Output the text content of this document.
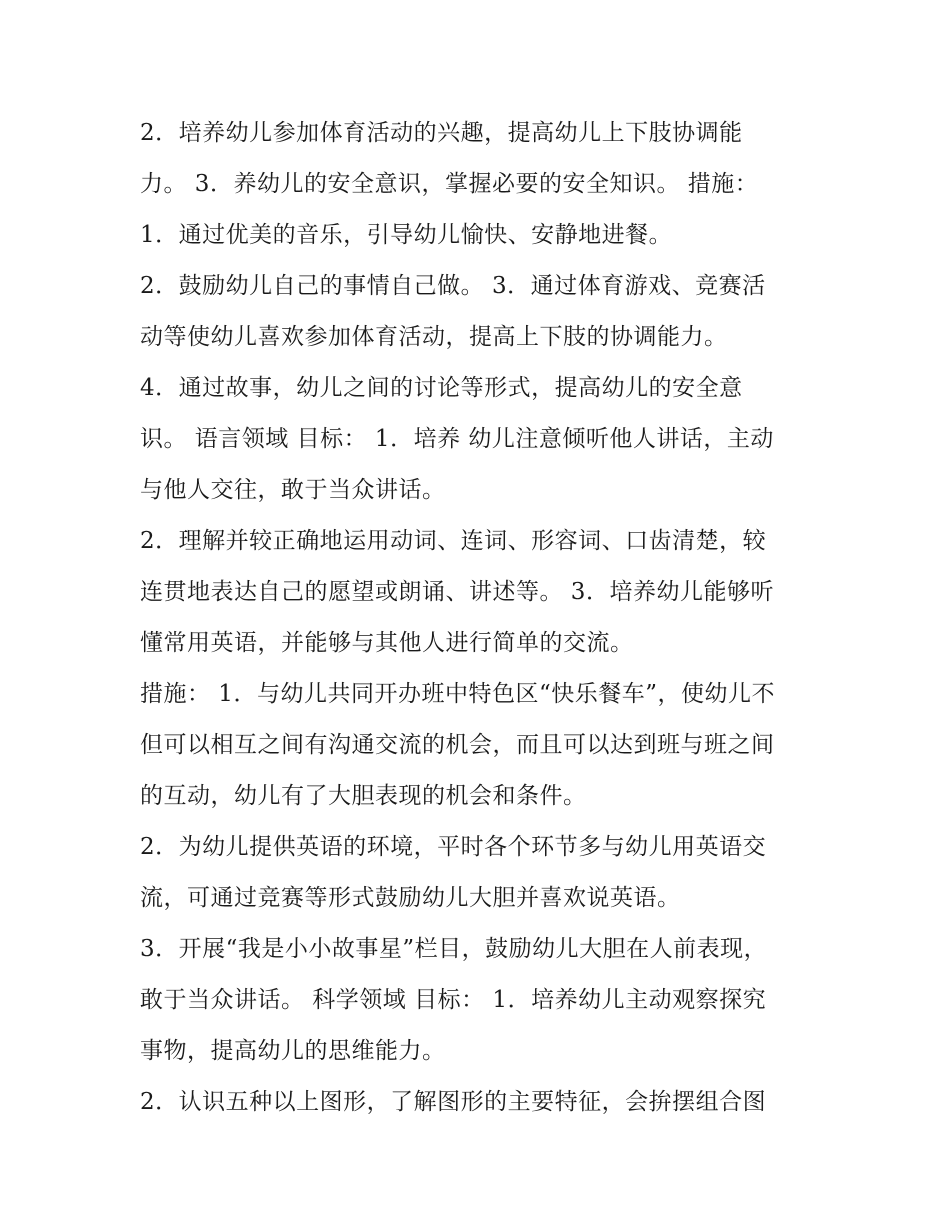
2．培养幼儿参加体育活动的兴趣，提高幼儿上下肢协调能
力。 3．养幼儿的安全意识，掌握必要的安全知识。 措施：
1．通过优美的音乐，引导幼儿愉快、安静地进餐。
2．鼓励幼儿自己的事情自己做。 3．通过体育游戏、竞赛活
动等使幼儿喜欢参加体育活动，提高上下肢的协调能力。
4．通过故事，幼儿之间的讨论等形式，提高幼儿的安全意
识。 语言领域 目标： 1．培养 幼儿注意倾听他人讲话，主动
与他人交往，敢于当众讲话。
2．理解并较正确地运用动词、连词、形容词、口齿清楚，较
连贯地表达自己的愿望或朗诵、讲述等。 3．培养幼儿能够听
懂常用英语，并能够与其他人进行简单的交流。
措施： 1．与幼儿共同开办班中特色区“快乐餐车”，使幼儿不
但可以相互之间有沟通交流的机会，而且可以达到班与班之间
的互动，幼儿有了大胆表现的机会和条件。
2．为幼儿提供英语的环境，平时各个环节多与幼儿用英语交
流，可通过竞赛等形式鼓励幼儿大胆并喜欢说英语。
3．开展“我是小小故事星”栏目，鼓励幼儿大胆在人前表现，
敢于当众讲话。 科学领域 目标： 1．培养幼儿主动观察探究
事物，提高幼儿的思维能力。
2．认识五种以上图形，了解图形的主要特征，会拚摆组合图
